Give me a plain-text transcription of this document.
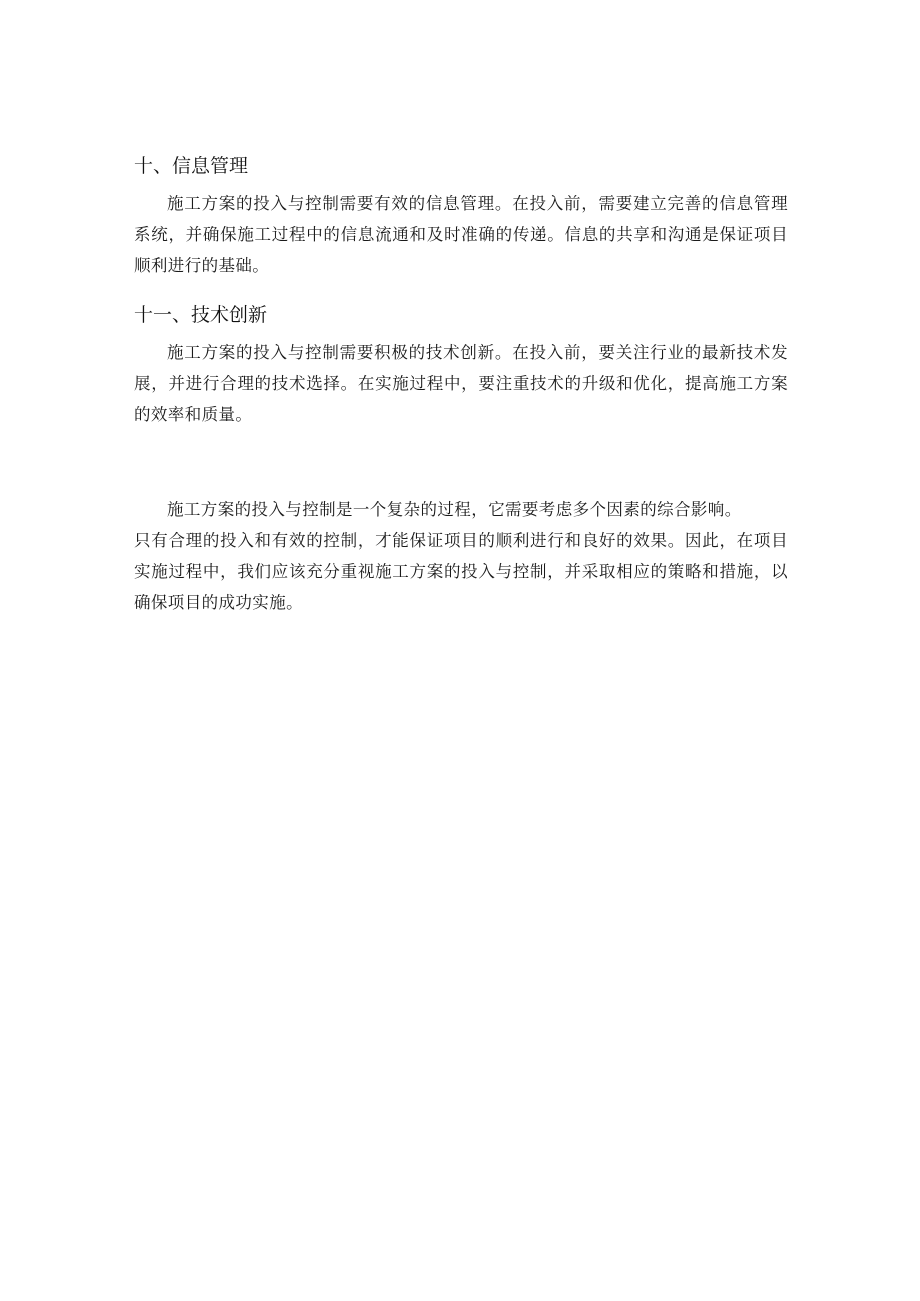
十、信息管理

施工方案的投入与控制需要有效的信息管理。在投入前，需要建立完善的信息管理系统，并确保施工过程中的信息流通和及时准确的传递。信息的共享和沟通是保证项目顺利进行的基础。

十一、技术创新

施工方案的投入与控制需要积极的技术创新。在投入前，要关注行业的最新技术发展，并进行合理的技术选择。在实施过程中，要注重技术的升级和优化，提高施工方案的效率和质量。

施工方案的投入与控制是一个复杂的过程，它需要考虑多个因素的综合影响。

只有合理的投入和有效的控制，才能保证项目的顺利进行和良好的效果。因此，在项目实施过程中，我们应该充分重视施工方案的投入与控制，并采取相应的策略和措施，以确保项目的成功实施。
